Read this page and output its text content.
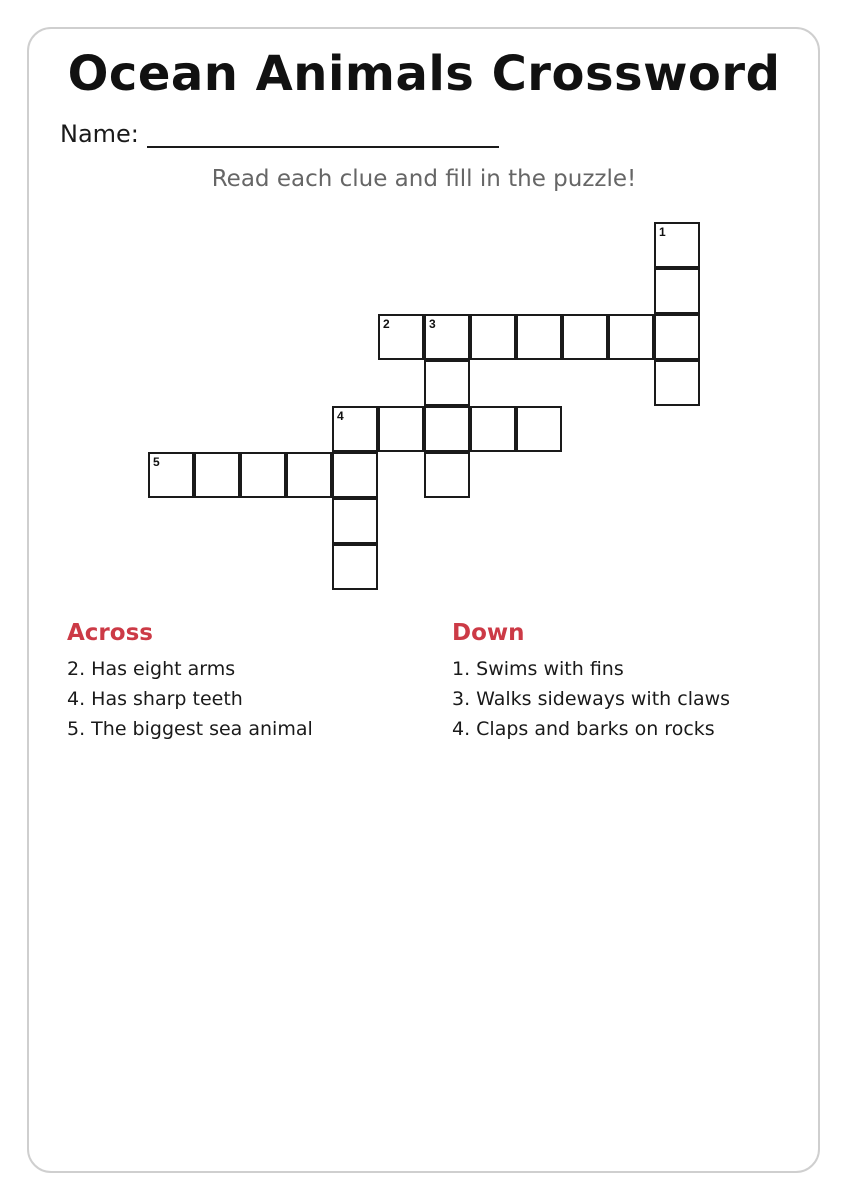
Ocean Animals Crossword
Name:
Read each clue and fill in the puzzle!
1
2	3
4
5
Across
2. Has eight arms
4. Has sharp teeth
5. The biggest sea animal
Down
1. Swims with fins
3. Walks sideways with claws
4. Claps and barks on rocks
